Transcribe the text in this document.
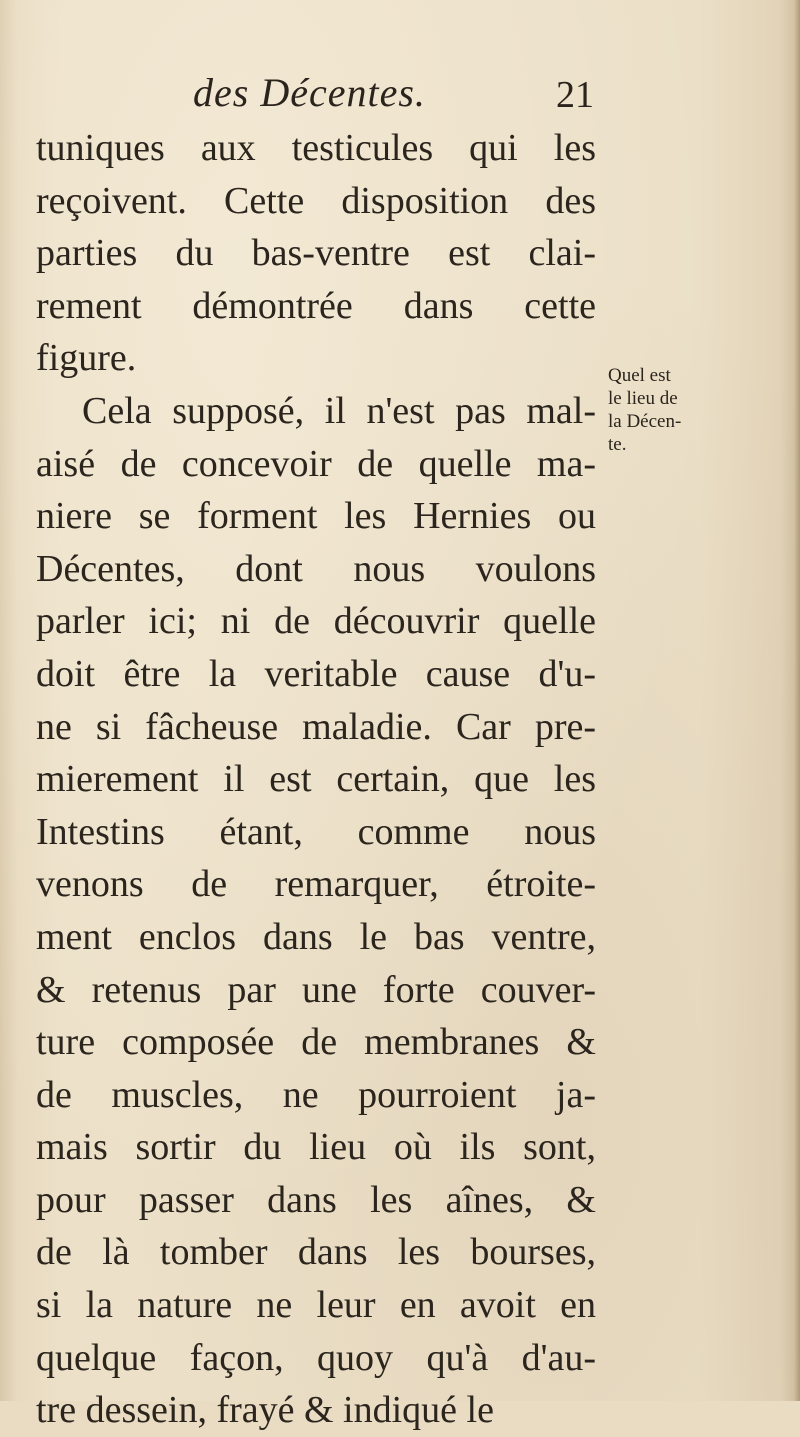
des Décentes.	21
tuniques aux testicules qui les
reçoivent. Cette disposition des
parties du bas-ventre est clai-
rement démontrée dans cette
figure.
Cela supposé, il n'est pas mal-
aisé de concevoir de quelle ma-
niere se forment les Hernies ou
Décentes, dont nous voulons
parler ici; ni de découvrir quelle
doit être la veritable cause d'u-
ne si fâcheuse maladie. Car pre-
mierement il est certain, que les
Intestins étant, comme nous
venons de remarquer, étroite-
ment enclos dans le bas ventre,
& retenus par une forte couver-
ture composée de membranes &
de muscles, ne pourroient ja-
mais sortir du lieu où ils sont,
pour passer dans les aînes, &
de là tomber dans les bourses,
si la nature ne leur en avoit en
quelque façon, quoy qu'à d'au-
tre dessein, frayé & indiqué le
Quel est
le lieu de
la Décen-
te.
